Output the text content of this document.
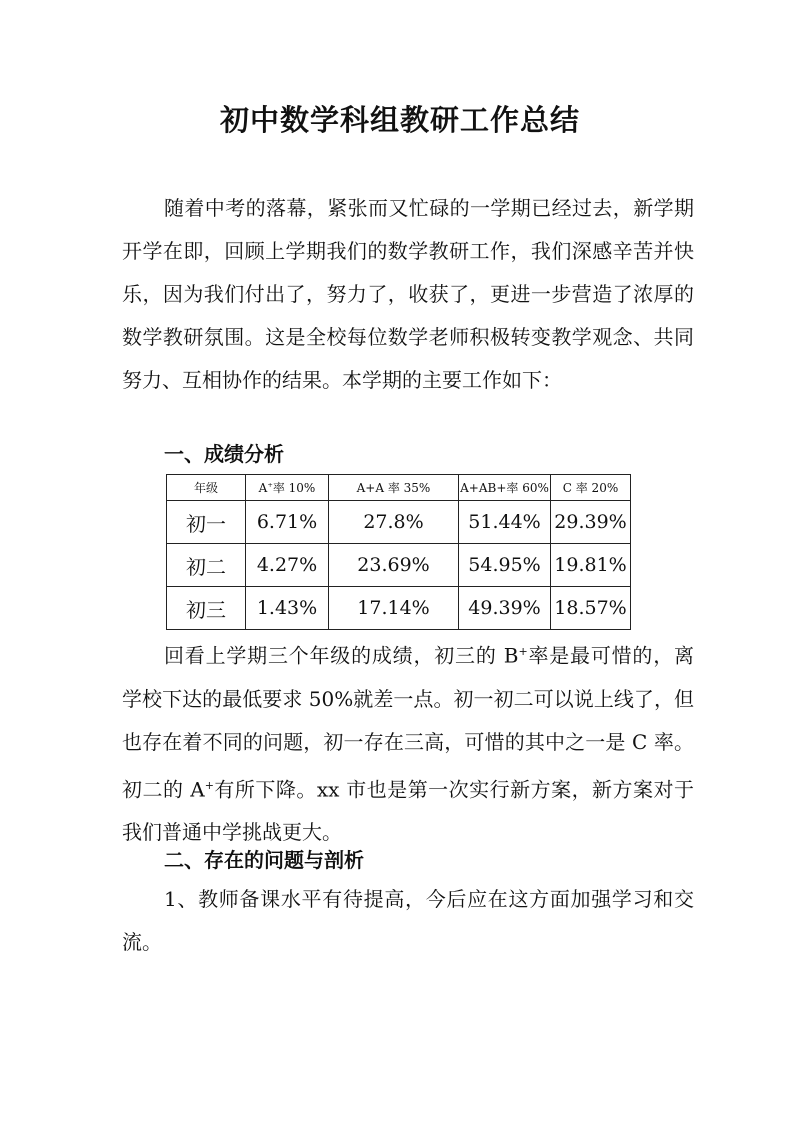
初中数学科组教研工作总结

随着中考的落幕，紧张而又忙碌的一学期已经过去，新学期开学在即，回顾上学期我们的数学教研工作，我们深感辛苦并快乐，因为我们付出了，努力了，收获了，更进一步营造了浓厚的数学教研氛围。这是全校每位数学老师积极转变教学观念、共同努力、互相协作的结果。本学期的主要工作如下：

一、成绩分析
年级	A+率 10%	A+A 率 35%	A+AB+率 60%	C 率 20%
初一	6.71%	27.8%	51.44%	29.39%
初二	4.27%	23.69%	54.95%	19.81%
初三	1.43%	17.14%	49.39%	18.57%

回看上学期三个年级的成绩，初三的 B+率是最可惜的，离学校下达的最低要求 50%就差一点。初一初二可以说上线了，但也存在着不同的问题，初一存在三高，可惜的其中之一是 C 率。初二的 A+有所下降。xx 市也是第一次实行新方案，新方案对于我们普通中学挑战更大。

二、存在的问题与剖析

1、教师备课水平有待提高，今后应在这方面加强学习和交流。
